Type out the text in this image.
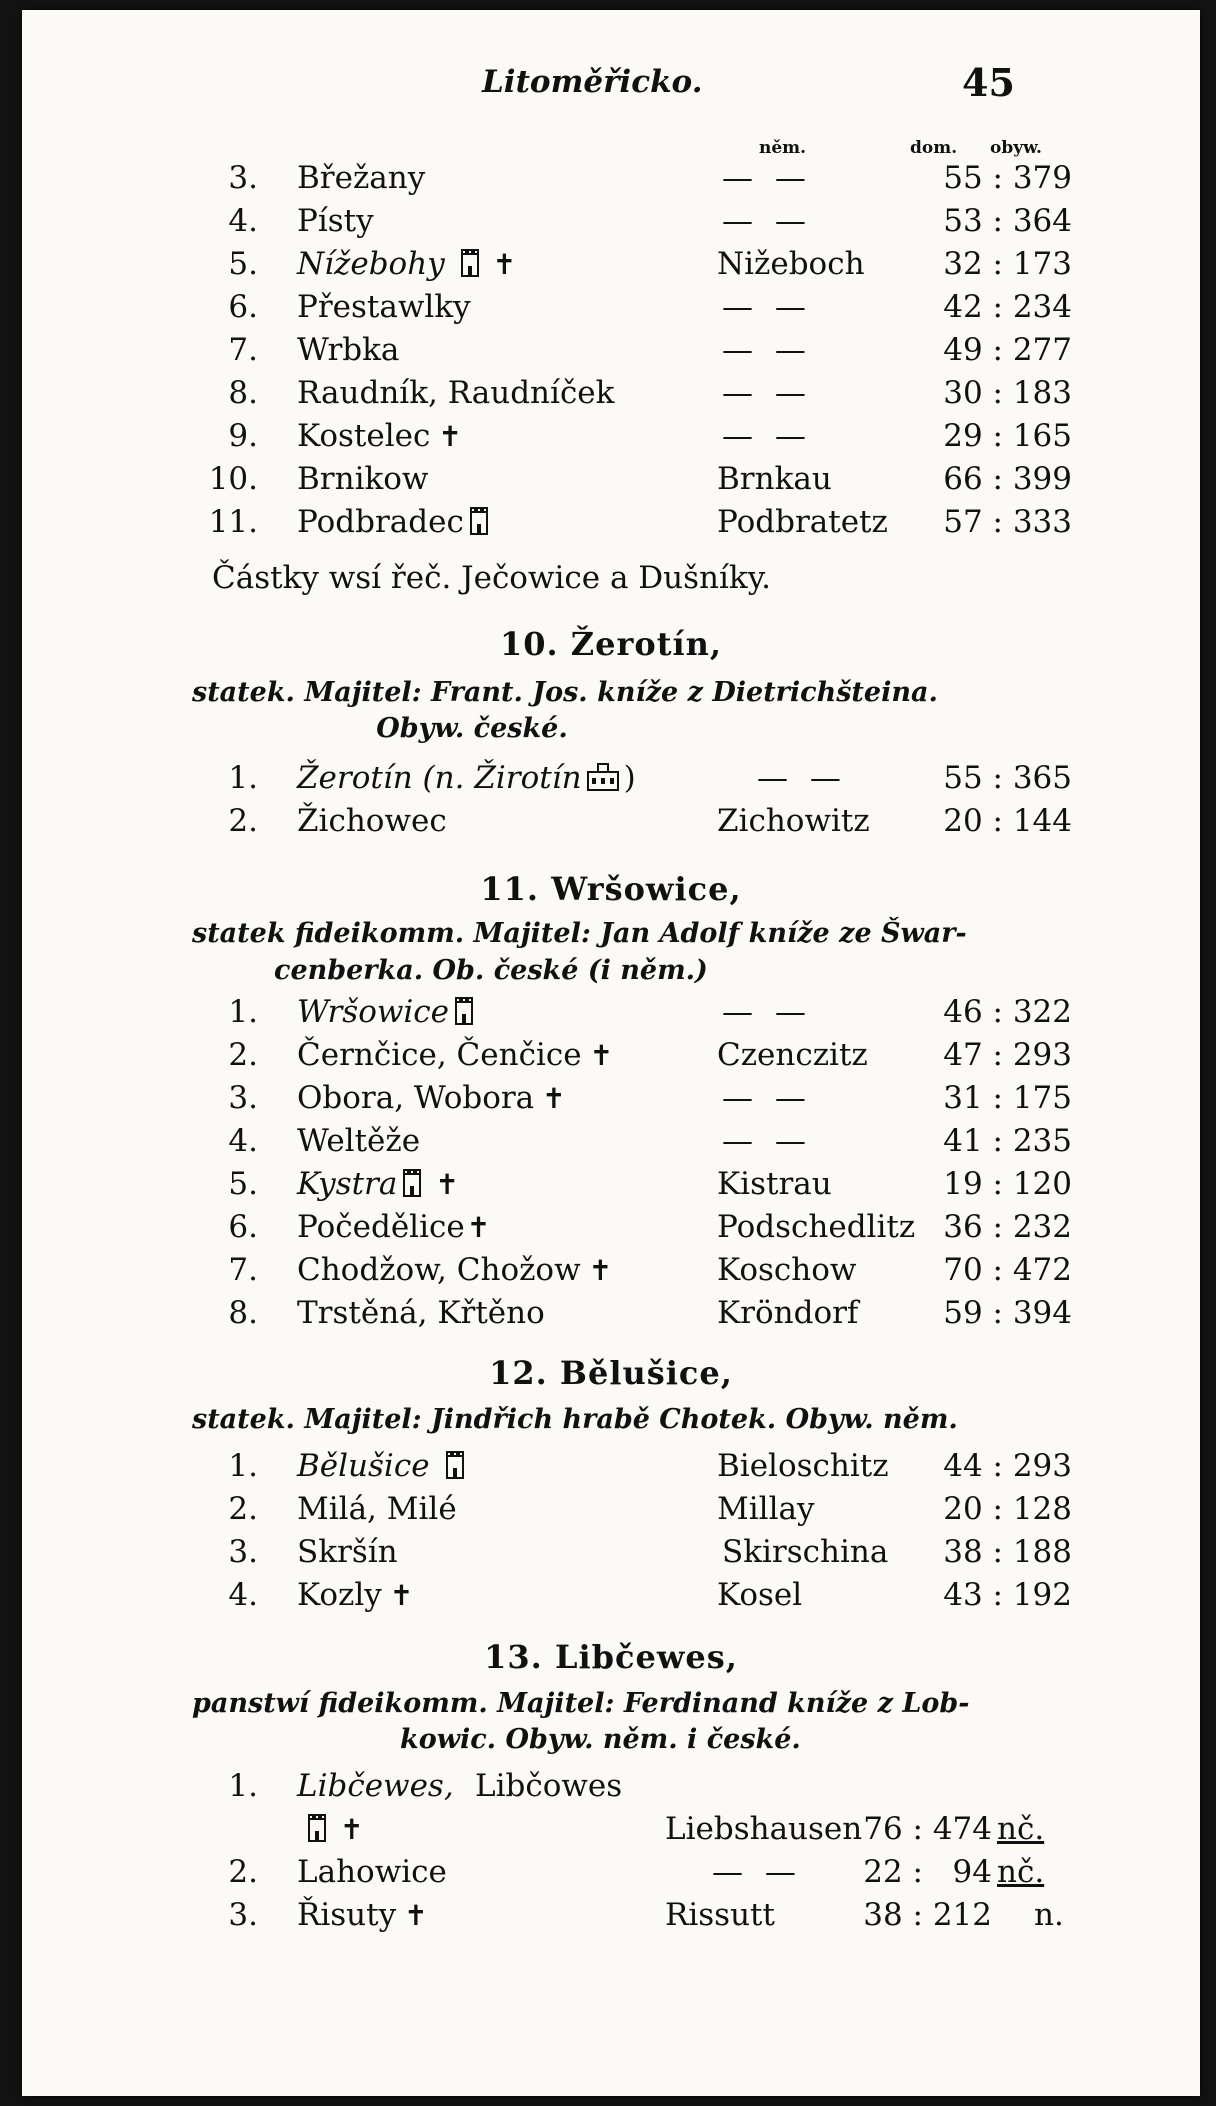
Litoměřicko.	45
něm.	dom. obyw.
3. Břežany	— —	55 : 379
4. Písty	— —	53 : 364
5. Nížebohy ✝	Nižeboch	32 : 173
6. Přestawlky	— —	42 : 234
7. Wrbka	— —	49 : 277
8. Raudník, Raudníček	— —	30 : 183
9. Kostelec ✝	— —	29 : 165
10. Brnikow	Brnkau	66 : 399
11. Podbradec	Podbratetz	57 : 333
Částky wsí řeč. Ječowice a Dušníky.
10. Žerotín,
statek. Majitel: Frant. Jos. kníže z Dietrichšteina.
Obyw. české.
1. Žerotín (n. Žirotín )	— —	55 : 365
2. Žichowec	Zichowitz	20 : 144
11. Wršowice,
statek fideikomm. Majitel: Jan Adolf kníže ze Šwar-
cenberka. Ob. české (i něm.)
1. Wršowice	— —	46 : 322
2. Černčice, Čenčice ✝	Czenczitz	47 : 293
3. Obora, Wobora ✝	— —	31 : 175
4. Weltěže	— —	41 : 235
5. Kystra ✝	Kistrau	19 : 120
6. Počedělice✝	Podschedlitz 36 : 232
7. Chodžow, Chožow ✝	Koschow	70 : 472
8. Trstěná, Křtěno	Kröndorf	59 : 394
12. Bělušice,
statek. Majitel: Jindřich hrabě Chotek. Obyw. něm.
1. Bělušice	Bieloschitz	44 : 293
2. Milá, Milé	Millay	20 : 128
3. Skršín	Skirschina	38 : 188
4. Kozly ✝	Kosel	43 : 192
13. Libčewes,
panstwí fideikomm. Majitel: Ferdinand kníže z Lob-
kowic. Obyw. něm. i české.
1. Libčewes, Libčowes
✝	Liebshausen 76 : 474 nč.
2. Lahowice	— —	22 :   94 nč.
3. Řisuty ✝	Rissutt	38 : 212 n.
